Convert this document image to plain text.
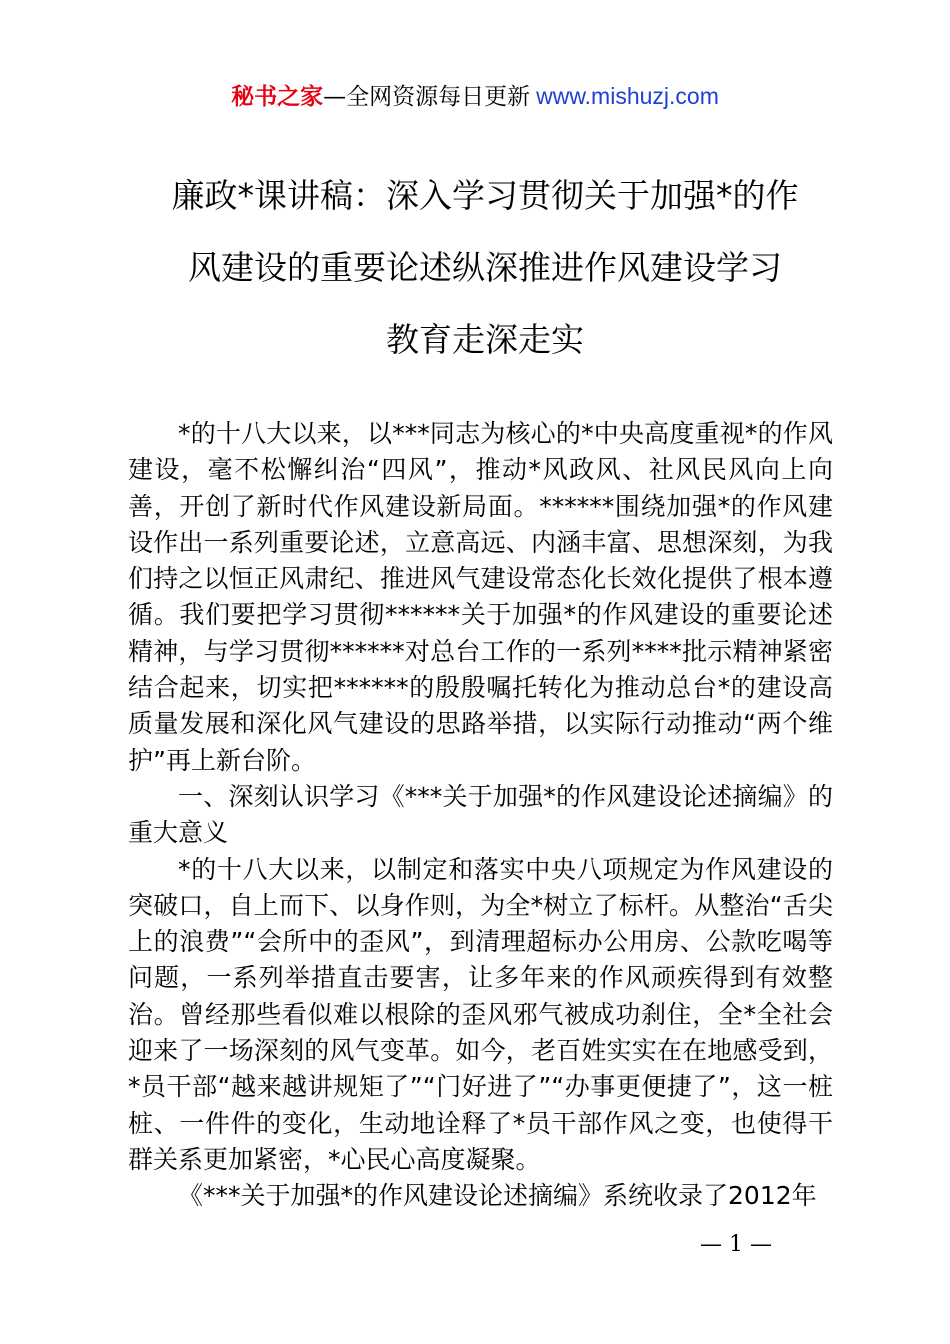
秘书之家—全网资源每日更新 www.mishuzj.com
廉政*课讲稿：深入学习贯彻关于加强*的作
风建设的重要论述纵深推进作风建设学习
教育走深走实

*的十八大以来，以***同志为核心的*中央高度重视*的作风建设，毫不松懈纠治“四风”，推动*风政风、社风民风向上向善，开创了新时代作风建设新局面。******围绕加强*的作风建设作出一系列重要论述，立意高远、内涵丰富、思想深刻，为我们持之以恒正风肃纪、推进风气建设常态化长效化提供了根本遵循。我们要把学习贯彻******关于加强*的作风建设的重要论述精神，与学习贯彻******对总台工作的一系列****批示精神紧密结合起来，切实把******的殷殷嘱托转化为推动总台*的建设高质量发展和深化风气建设的思路举措，以实际行动推动“两个维护”再上新台阶。

一、深刻认识学习《***关于加强*的作风建设论述摘编》的重大意义

*的十八大以来，以制定和落实中央八项规定为作风建设的突破口，自上而下、以身作则，为全*树立了标杆。从整治“舌尖上的浪费”“会所中的歪风”，到清理超标办公用房、公款吃喝等问题，一系列举措直击要害，让多年来的作风顽疾得到有效整治。曾经那些看似难以根除的歪风邪气被成功刹住，全*全社会迎来了一场深刻的风气变革。如今，老百姓实实在在地感受到，*员干部“越来越讲规矩了”“门好进了”“办事更便捷了”，这一桩桩、一件件的变化，生动地诠释了*员干部作风之变，也使得干群关系更加紧密，*心民心高度凝聚。

《***关于加强*的作风建设论述摘编》系统收录了2012年

— 1 —
